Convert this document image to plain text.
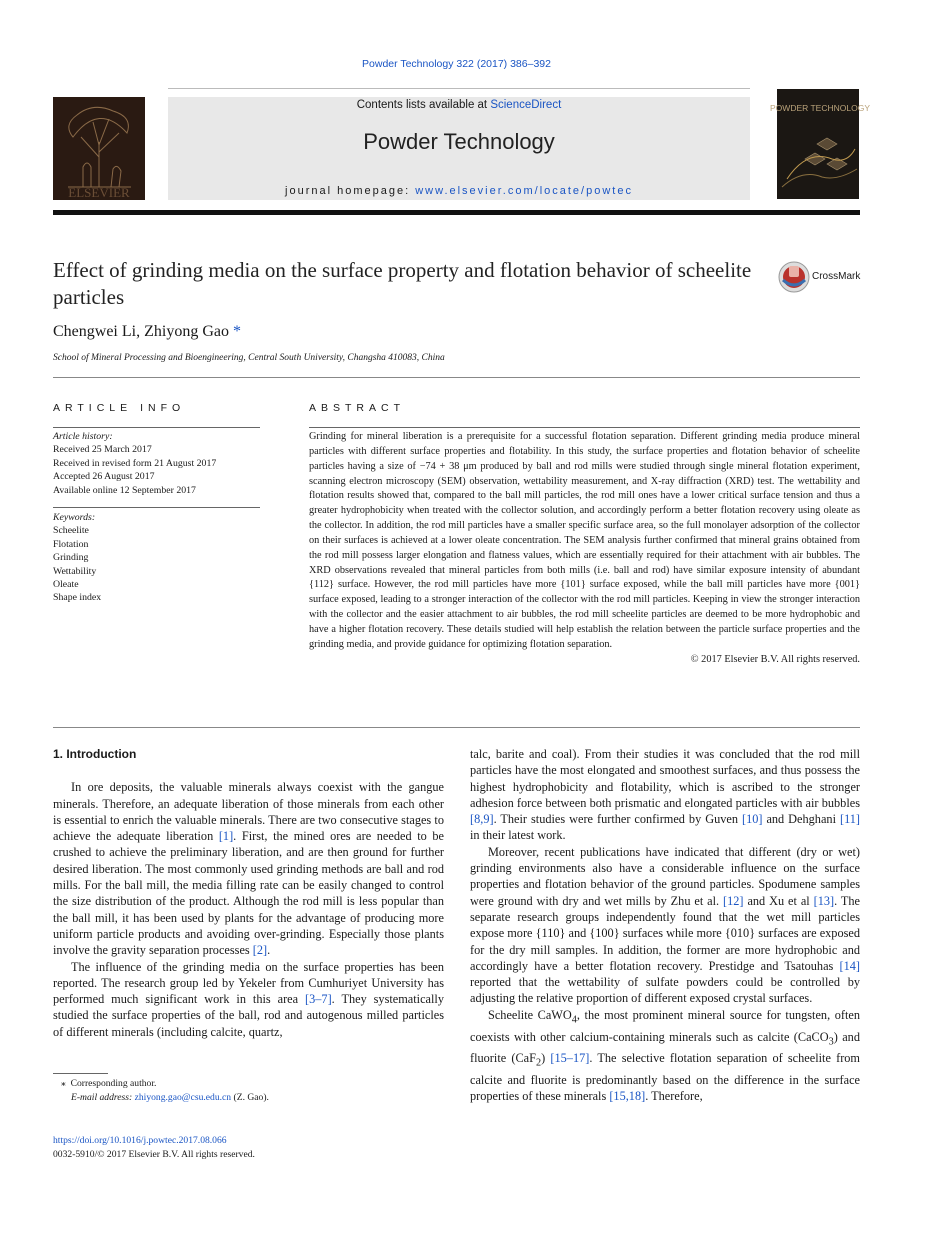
Powder Technology 322 (2017) 386–392
ELSEVIER
Contents lists available at ScienceDirect
Powder Technology
journal homepage: www.elsevier.com/locate/powtec
POWDER TECHNOLOGY
Effect of grinding media on the surface property and flotation behavior of scheelite particles
CrossMark
Chengwei Li, Zhiyong Gao *
School of Mineral Processing and Bioengineering, Central South University, Changsha 410083, China
ARTICLE INFO	ABSTRACT
Article history:
Received 25 March 2017
Received in revised form 21 August 2017
Accepted 26 August 2017
Available online 12 September 2017
Keywords:
Scheelite
Flotation
Grinding
Wettability
Oleate
Shape index
Grinding for mineral liberation is a prerequisite for a successful flotation separation. Different grinding media produce mineral particles with different surface properties and flotability. In this study, the surface properties and flotation behavior of scheelite particles having a size of −74 + 38 μm produced by ball and rod mills were studied through single mineral flotation experiment, scanning electron microscopy (SEM) observation, wettability measurement, and X-ray diffraction (XRD) test. The wettability and flotation results showed that, compared to the ball mill particles, the rod mill ones have a lower critical surface tension and thus a greater hydrophobicity when treated with the collector solution, and accordingly perform a better flotation recovery using oleate as the collector. In addition, the rod mill particles have a smaller specific surface area, so the full monolayer adsorption of the collector on their surfaces is achieved at a lower oleate concentration. The SEM analysis further confirmed that mineral grains obtained from the rod mill possess larger elongation and flatness values, which are essentially required for their attachment with air bubbles. The XRD observations revealed that mineral particles from both mills (i.e. ball and rod) have similar exposure intensity of abundant {112} surface. However, the rod mill particles have more {101} surface exposed, while the ball mill particles have more {001} surface exposed, leading to a stronger interaction of the collector with the rod mill particles. Keeping in view the stronger interaction with the collector and the easier attachment to air bubbles, the rod mill scheelite particles are deemed to be more hydrophobic and have a higher flotation recovery. These details studied will help establish the relation between the particle surface properties and the grinding media, and provide guidance for optimizing flotation separation.
© 2017 Elsevier B.V. All rights reserved.
1. Introduction

In ore deposits, the valuable minerals always coexist with the gangue minerals. Therefore, an adequate liberation of those minerals from each other is essential to enrich the valuable minerals. There are two consecutive stages to achieve the adequate liberation [1]. First, the mined ores are needed to be crushed to achieve the preliminary liberation, and are then ground for further desired liberation. The most commonly used grinding methods are ball and rod mills. For the ball mill, the media filling rate can be easily changed to control the size distribution of the product. Although the rod mill is less popular than the ball mill, it has been used by plants for the advantage of producing more uniform particle products and avoiding over-grinding. Especially those plants involve the gravity separation processes [2].

The influence of the grinding media on the surface properties has been reported. The research group led by Yekeler from Cumhuriyet University has performed much significant work in this area [3–7]. They systematically studied the surface properties of the ball, rod and autogenous milled particles of different minerals (including calcite, quartz,

talc, barite and coal). From their studies it was concluded that the rod mill particles have the most elongated and smoothest surfaces, and thus possess the highest hydrophobicity and flotability, which is ascribed to the stronger adhesion force between both prismatic and elongated particles with air bubbles [8,9]. Their studies were further confirmed by Guven [10] and Dehghani [11] in their latest work.

Moreover, recent publications have indicated that different (dry or wet) grinding environments also have a considerable influence on the surface properties and flotation behavior of the ground particles. Spodumene samples were ground with dry and wet mills by Zhu et al. [12] and Xu et al [13]. The separate research groups independently found that the wet mill particles expose more {110} and {100} surfaces while more {010} surfaces are exposed for the dry mill samples. In addition, the former are more hydrophobic and accordingly have a better flotation recovery. Prestidge and Tsatouhas [14] reported that the wettability of sulfate powders could be controlled by adjusting the relative proportion of different exposed crystal surfaces.

Scheelite CaWO$_4$, the most prominent mineral source for tungsten, often coexists with other calcium-containing minerals such as calcite (CaCO$_3$) and fluorite (CaF$_2$) [15–17]. The selective flotation separation of scheelite from calcite and fluorite is predominantly based on the difference in the surface properties of these minerals [15,18]. Therefore,

⁎ Corresponding author.
E-mail address: zhiyong.gao@csu.edu.cn (Z. Gao).
https://doi.org/10.1016/j.powtec.2017.08.066
0032-5910/© 2017 Elsevier B.V. All rights reserved.
